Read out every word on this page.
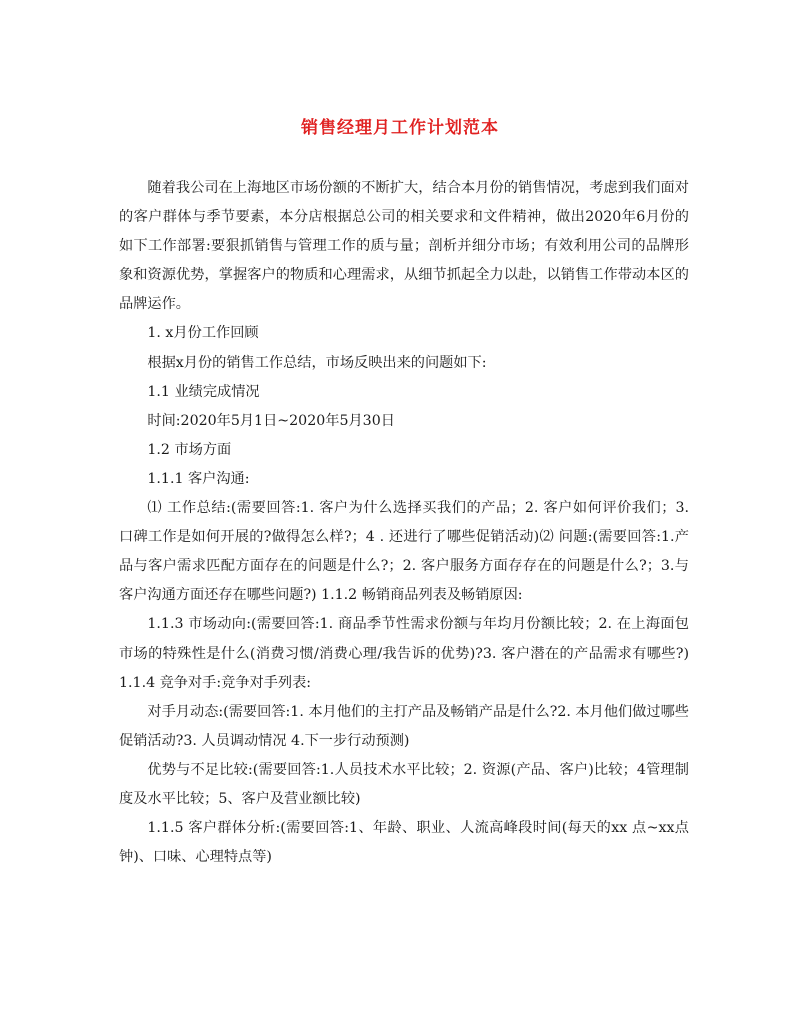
销售经理月工作计划范本

随着我公司在上海地区市场份额的不断扩大，结合本月份的销售情况，考虑到我们面对的客户群体与季节要素，本分店根据总公司的相关要求和文件精神，做出2020年6月份的如下工作部署:要狠抓销售与管理工作的质与量；剖析并细分市场；有效利用公司的品牌形象和资源优势，掌握客户的物质和心理需求，从细节抓起全力以赴，以销售工作带动本区的品牌运作。

1. x月份工作回顾

根据x月份的销售工作总结，市场反映出来的问题如下:

1.1 业绩完成情况

时间:2020年5月1日~2020年5月30日

1.2 市场方面

1.1.1 客户沟通:

⑴ 工作总结:(需要回答:1. 客户为什么选择买我们的产品；2. 客户如何评价我们；3. 口碑工作是如何开展的?做得怎么样?；4 . 还进行了哪些促销活动)⑵ 问题:(需要回答:1.产品与客户需求匹配方面存在的问题是什么?；2. 客户服务方面存存在的问题是什么?；3.与客户沟通方面还存在哪些问题?) 1.1.2 畅销商品列表及畅销原因:

1.1.3 市场动向:(需要回答:1. 商品季节性需求份额与年均月份额比较；2. 在上海面包市场的特殊性是什么(消费习惯/消费心理/我告诉的优势)?3. 客户潜在的产品需求有哪些?) 1.1.4 竞争对手:竞争对手列表:

对手月动态:(需要回答:1. 本月他们的主打产品及畅销产品是什么?2. 本月他们做过哪些促销活动?3. 人员调动情况 4.下一步行动预测)

优势与不足比较:(需要回答:1.人员技术水平比较；2. 资源(产品、客户)比较；4管理制度及水平比较；5、客户及营业额比较)

1.1.5 客户群体分析:(需要回答:1、年龄、职业、人流高峰段时间(每天的xx 点~xx点钟)、口味、心理特点等)
